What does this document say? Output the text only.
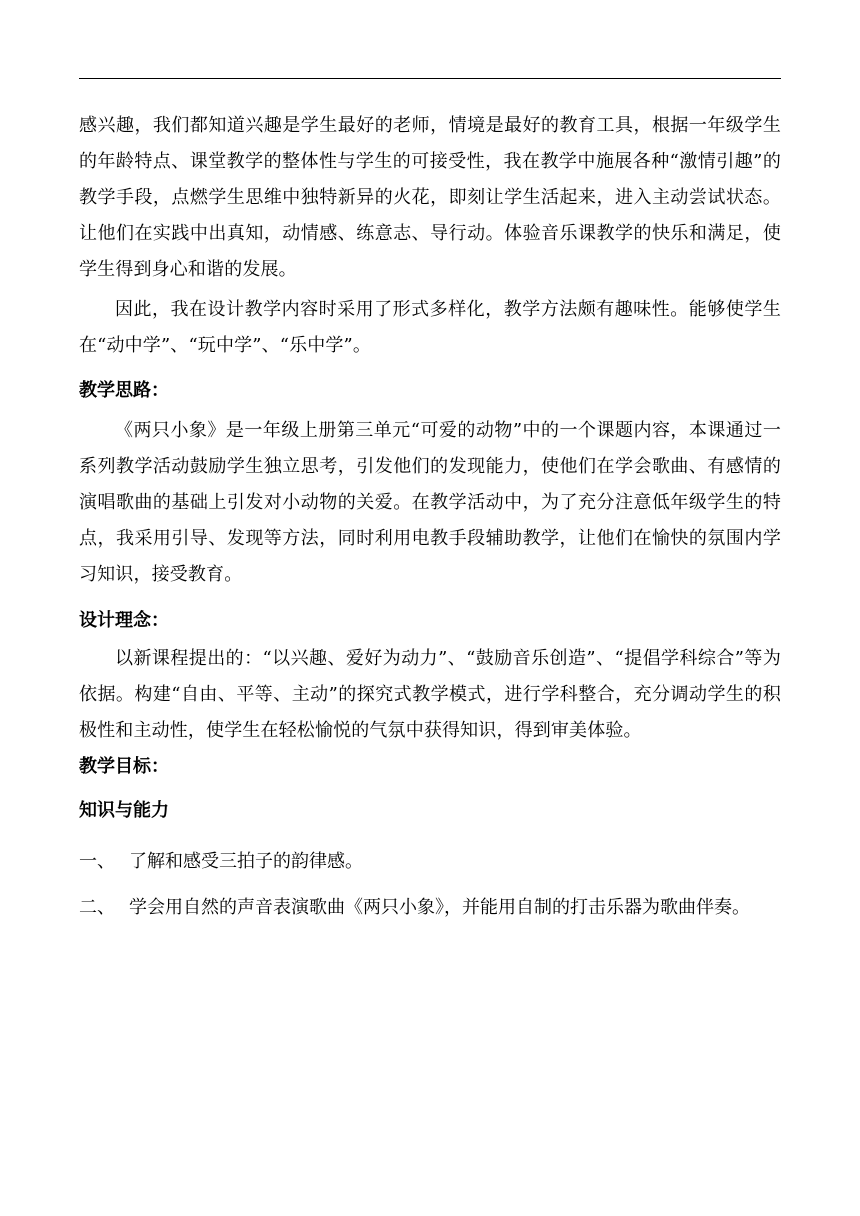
感兴趣，我们都知道兴趣是学生最好的老师，情境是最好的教育工具，根据一年级学生的年龄特点、课堂教学的整体性与学生的可接受性，我在教学中施展各种“激情引趣”的教学手段，点燃学生思维中独特新异的火花，即刻让学生活起来，进入主动尝试状态。让他们在实践中出真知，动情感、练意志、导行动。体验音乐课教学的快乐和满足，使学生得到身心和谐的发展。

因此，我在设计教学内容时采用了形式多样化，教学方法颇有趣味性。能够使学生在“动中学”、“玩中学”、“乐中学”。

教学思路：

《两只小象》是一年级上册第三单元“可爱的动物”中的一个课题内容，本课通过一系列教学活动鼓励学生独立思考，引发他们的发现能力，使他们在学会歌曲、有感情的演唱歌曲的基础上引发对小动物的关爱。在教学活动中，为了充分注意低年级学生的特点，我采用引导、发现等方法，同时利用电教手段辅助教学，让他们在愉快的氛围内学习知识，接受教育。

设计理念：

以新课程提出的：“以兴趣、爱好为动力”、“鼓励音乐创造”、“提倡学科综合”等为依据。构建“自由、平等、主动”的探究式教学模式，进行学科整合，充分调动学生的积极性和主动性，使学生在轻松愉悦的气氛中获得知识，得到审美体验。

教学目标：

知识与能力

一、 了解和感受三拍子的韵律感。
二、 学会用自然的声音表演歌曲《两只小象》，并能用自制的打击乐器为歌曲伴奏。
